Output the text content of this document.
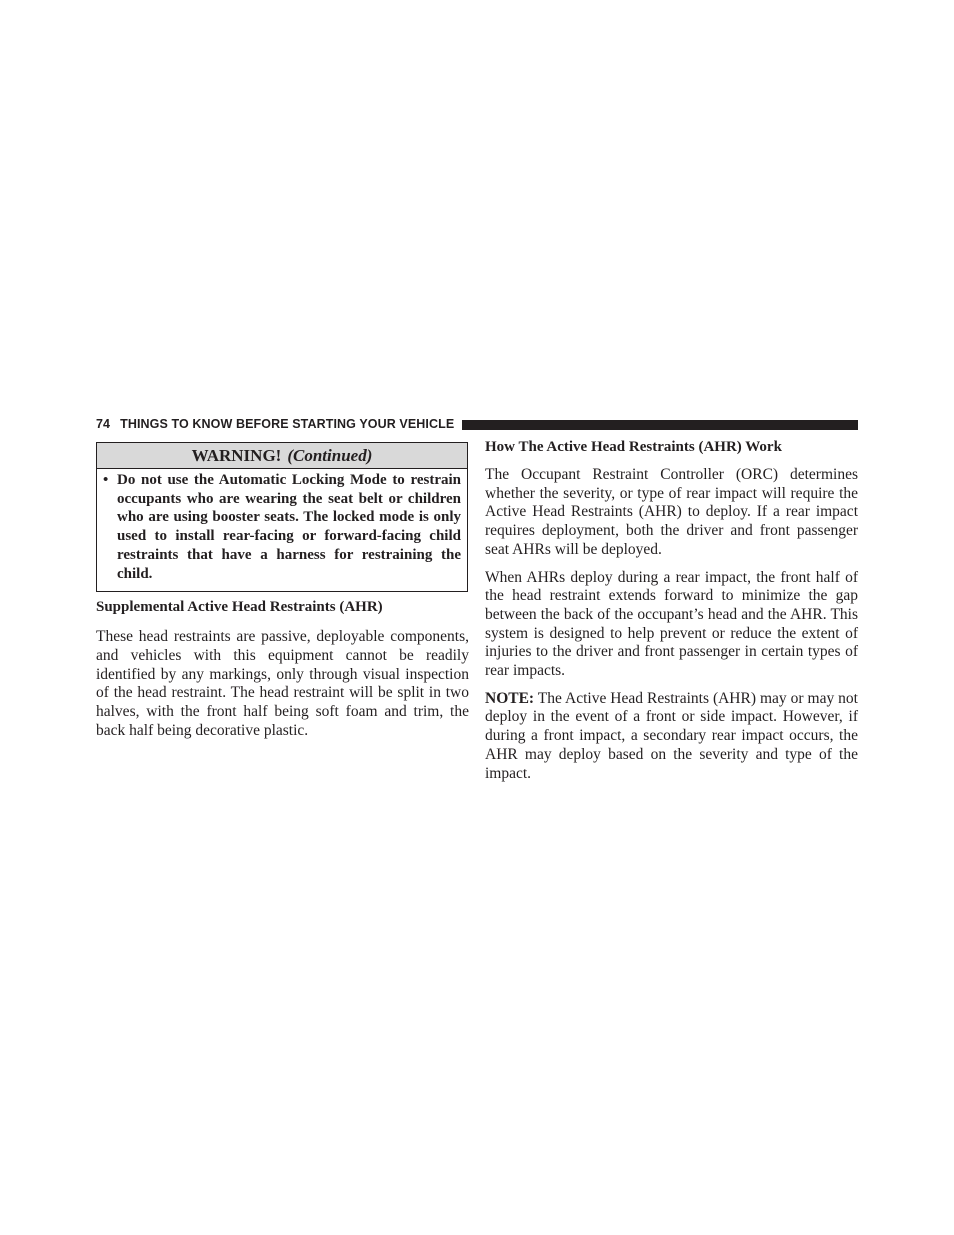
74 THINGS TO KNOW BEFORE STARTING YOUR VEHICLE
WARNING! (Continued)
• Do not use the Automatic Locking Mode to restrain occupants who are wearing the seat belt or children who are using booster seats. The locked mode is only used to install rear-facing or forward-facing child restraints that have a harness for restraining the child.
Supplemental Active Head Restraints (AHR)

These head restraints are passive, deployable components, and vehicles with this equipment cannot be readily identified by any markings, only through visual inspection of the head restraint. The head restraint will be split in two halves, with the front half being soft foam and trim, the back half being decorative plastic.

How The Active Head Restraints (AHR) Work

The Occupant Restraint Controller (ORC) determines whether the severity, or type of rear impact will require the Active Head Restraints (AHR) to deploy. If a rear impact requires deployment, both the driver and front passenger seat AHRs will be deployed.

When AHRs deploy during a rear impact, the front half of the head restraint extends forward to minimize the gap between the back of the occupant’s head and the AHR. This system is designed to help prevent or reduce the extent of injuries to the driver and front passenger in certain types of rear impacts.

NOTE: The Active Head Restraints (AHR) may or may not deploy in the event of a front or side impact. However, if during a front impact, a secondary rear impact occurs, the AHR may deploy based on the severity and type of the impact.
